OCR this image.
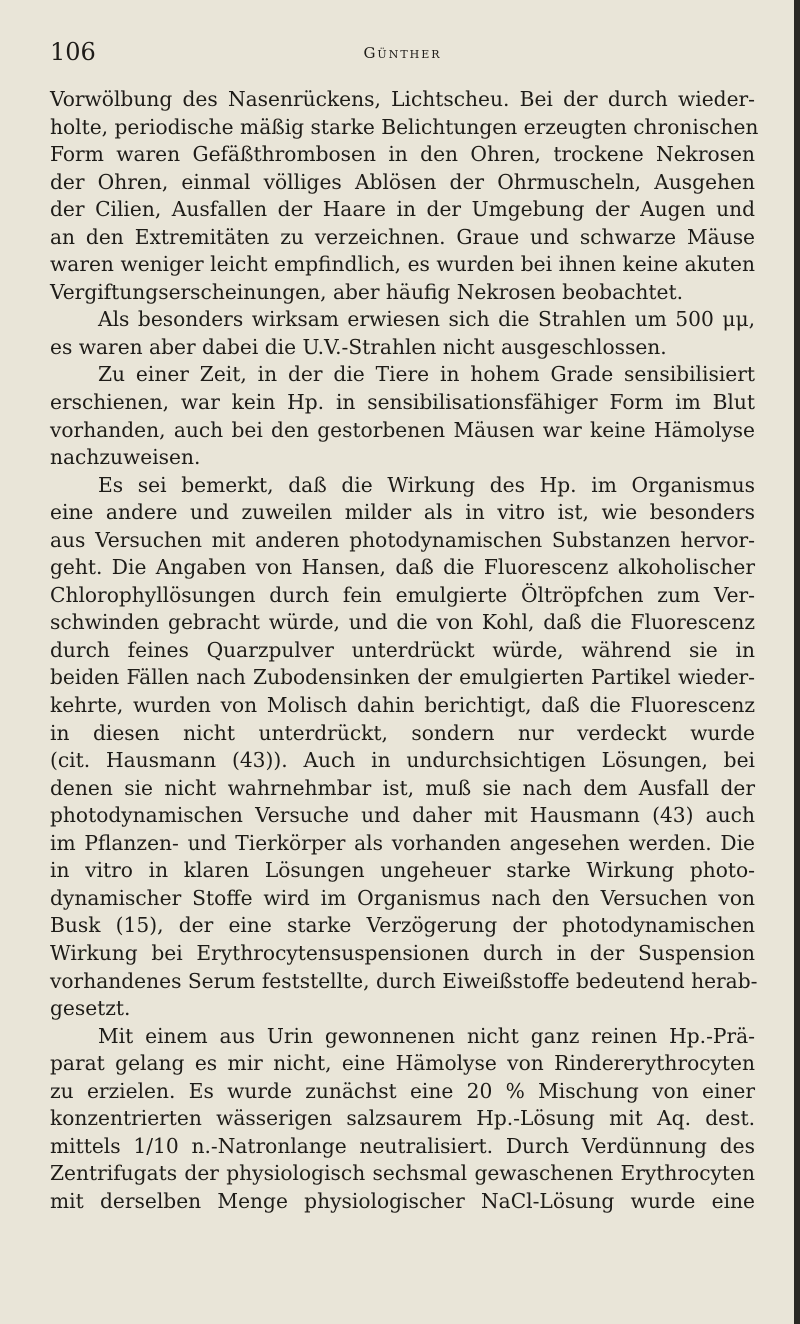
106	Günther
Vorwölbung des Nasenrückens, Lichtscheu. Bei der durch wieder-
holte, periodische mäßig starke Belichtungen erzeugten chronischen
Form waren Gefäßthrombosen in den Ohren, trockene Nekrosen
der Ohren, einmal völliges Ablösen der Ohrmuscheln, Ausgehen
der Cilien, Ausfallen der Haare in der Umgebung der Augen und
an den Extremitäten zu verzeichnen. Graue und schwarze Mäuse
waren weniger leicht empfindlich, es wurden bei ihnen keine akuten
Vergiftungserscheinungen, aber häufig Nekrosen beobachtet.
Als besonders wirksam erwiesen sich die Strahlen um 500 μμ,
es waren aber dabei die U.V.-Strahlen nicht ausgeschlossen.
Zu einer Zeit, in der die Tiere in hohem Grade sensibilisiert
erschienen, war kein Hp. in sensibilisationsfähiger Form im Blut
vorhanden, auch bei den gestorbenen Mäusen war keine Hämolyse
nachzuweisen.
Es sei bemerkt, daß die Wirkung des Hp. im Organismus
eine andere und zuweilen milder als in vitro ist, wie besonders
aus Versuchen mit anderen photodynamischen Substanzen hervor-
geht. Die Angaben von Hansen, daß die Fluorescenz alkoholischer
Chlorophyllösungen durch fein emulgierte Öltröpfchen zum Ver-
schwinden gebracht würde, und die von Kohl, daß die Fluorescenz
durch feines Quarzpulver unterdrückt würde, während sie in
beiden Fällen nach Zubodensinken der emulgierten Partikel wieder-
kehrte, wurden von Molisch dahin berichtigt, daß die Fluorescenz
in diesen nicht unterdrückt, sondern nur verdeckt wurde
(cit. Hausmann (43)). Auch in undurchsichtigen Lösungen, bei
denen sie nicht wahrnehmbar ist, muß sie nach dem Ausfall der
photodynamischen Versuche und daher mit Hausmann (43) auch
im Pflanzen- und Tierkörper als vorhanden angesehen werden. Die
in vitro in klaren Lösungen ungeheuer starke Wirkung photo-
dynamischer Stoffe wird im Organismus nach den Versuchen von
Busk (15), der eine starke Verzögerung der photodynamischen
Wirkung bei Erythrocytensuspensionen durch in der Suspension
vorhandenes Serum feststellte, durch Eiweißstoffe bedeutend herab-
gesetzt.
Mit einem aus Urin gewonnenen nicht ganz reinen Hp.-Prä-
parat gelang es mir nicht, eine Hämolyse von Rindererythrocyten
zu erzielen. Es wurde zunächst eine 20 % Mischung von einer
konzentrierten wässerigen salzsaurem Hp.-Lösung mit Aq. dest.
mittels 1/10 n.-Natronlange neutralisiert. Durch Verdünnung des
Zentrifugats der physiologisch sechsmal gewaschenen Erythrocyten
mit derselben Menge physiologischer NaCl-Lösung wurde eine
